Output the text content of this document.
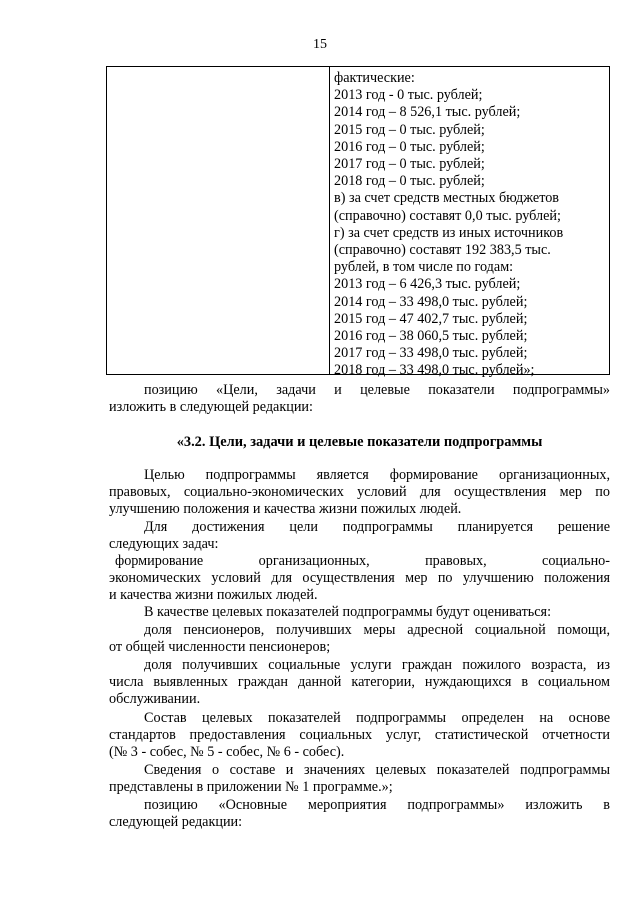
15
фактические:
2013 год - 0 тыс. рублей;
2014 год – 8 526,1 тыс. рублей;
2015 год – 0 тыс. рублей;
2016 год – 0 тыс. рублей;
2017 год – 0 тыс. рублей;
2018 год – 0 тыс. рублей;
в) за счет средств местных бюджетов
(справочно) составят 0,0 тыс. рублей;
г) за счет средств из иных источников
(справочно) составят 192 383,5 тыс.
рублей, в том числе по годам:
2013 год – 6 426,3 тыс. рублей;
2014 год – 33 498,0 тыс. рублей;
2015 год – 47 402,7 тыс. рублей;
2016 год – 38 060,5 тыс. рублей;
2017 год – 33 498,0 тыс. рублей;
2018 год – 33 498,0 тыс. рублей»;
позицию «Цели, задачи и целевые показатели подпрограммы»
изложить в следующей редакции:
«3.2. Цели, задачи и целевые показатели подпрограммы
Целью подпрограммы является формирование организационных,
правовых, социально-экономических условий для осуществления мер по
улучшению положения и качества жизни пожилых людей.
Для достижения цели подпрограммы планируется решение
следующих задач:
формирование организационных, правовых, социально-
экономических условий для осуществления мер по улучшению положения
и качества жизни пожилых людей.
В качестве целевых показателей подпрограммы будут оцениваться:
доля пенсионеров, получивших меры адресной социальной помощи,
от общей численности пенсионеров;
доля получивших социальные услуги граждан пожилого возраста, из
числа выявленных граждан данной категории, нуждающихся в социальном
обслуживании.
Состав целевых показателей подпрограммы определен на основе
стандартов предоставления социальных услуг, статистической отчетности
(№ 3 - собес, № 5 - собес, № 6 - собес).
Сведения о составе и значениях целевых показателей подпрограммы
представлены в приложении № 1 программе.»;
позицию «Основные мероприятия подпрограммы» изложить в
следующей редакции:
